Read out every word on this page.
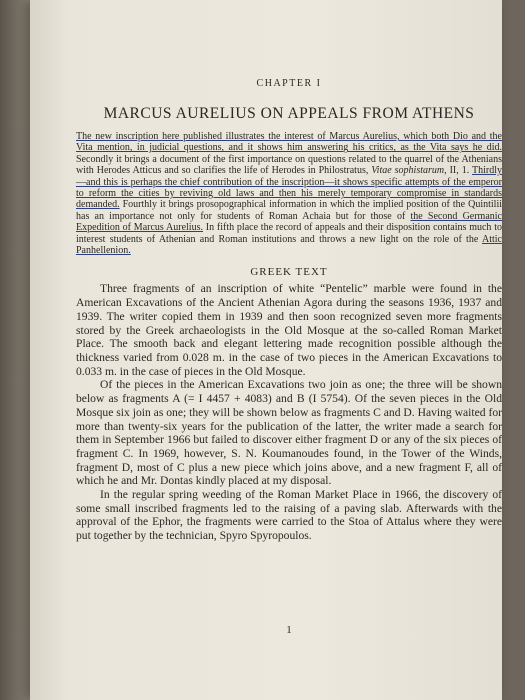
CHAPTER I
MARCUS AURELIUS ON APPEALS FROM ATHENS

The new inscription here published illustrates the interest of Marcus Aurelius, which both Dio and the Vita mention, in judicial questions, and it shows him answering his critics, as the Vita says he did. Secondly it brings a document of the first importance on questions related to the quarrel of the Athenians with Herodes Atticus and so clarifies the life of Herodes in Philostratus, Vitae sophistarum, II, 1. Thirdly—and this is perhaps the chief contribution of the inscription—it shows specific attempts of the emperor to reform the cities by reviving old laws and then his merely temporary compromise in standards demanded. Fourthly it brings prosopographical information in which the implied position of the Quintilii has an importance not only for students of Roman Achaia but for those of the Second Germanic Expedition of Marcus Aurelius. In fifth place the record of appeals and their disposition contains much to interest students of Athenian and Roman institutions and throws a new light on the role of the Attic Panhellenion.

GREEK TEXT

Three fragments of an inscription of white “Pentelic” marble were found in the American Excavations of the Ancient Athenian Agora during the seasons 1936, 1937 and 1939. The writer copied them in 1939 and then soon recognized seven more fragments stored by the Greek archaeologists in the Old Mosque at the so-called Roman Market Place. The smooth back and elegant lettering made recognition possible although the thickness varied from 0.028 m. in the case of two pieces in the American Excavations to 0.033 m. in the case of pieces in the Old Mosque.

Of the pieces in the American Excavations two join as one; the three will be shown below as fragments A (= I 4457 + 4083) and B (I 5754). Of the seven pieces in the Old Mosque six join as one; they will be shown below as fragments C and D. Having waited for more than twenty-six years for the publication of the latter, the writer made a search for them in September 1966 but failed to discover either fragment D or any of the six pieces of fragment C. In 1969, however, S. N. Koumanoudes found, in the Tower of the Winds, fragment D, most of C plus a new piece which joins above, and a new fragment F, all of which he and Mr. Dontas kindly placed at my disposal.

In the regular spring weeding of the Roman Market Place in 1966, the discovery of some small inscribed fragments led to the raising of a paving slab. Afterwards with the approval of the Ephor, the fragments were carried to the Stoa of Attalus where they were put together by the technician, Spyro Spyropoulos.

1
